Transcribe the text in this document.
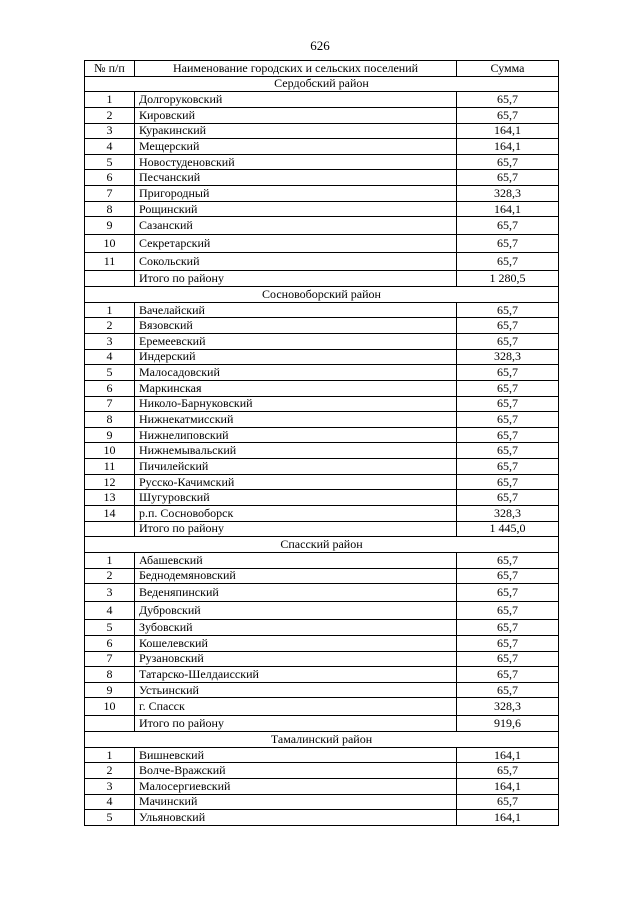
626
№ п/п	Наименование городских и сельских поселений	Сумма
Сердобский район		
1	Долгоруковский	65,7
2	Кировский	65,7
3	Куракинский	164,1
4	Мещерский	164,1
5	Новостуденовский	65,7
6	Песчанский	65,7
7	Пригородный	328,3
8	Рощинский	164,1
9	Сазанский	65,7
10	Секретарский	65,7
11	Сокольский	65,7
	Итого по району	1 280,5
Сосновоборский район		
1	Вачелайский	65,7
2	Вязовский	65,7
3	Еремеевский	65,7
4	Индерский	328,3
5	Малосадовский	65,7
6	Маркинская	65,7
7	Николо-Барнуковский	65,7
8	Нижнекатмисский	65,7
9	Нижнелиповский	65,7
10	Нижнемывальский	65,7
11	Пичилейский	65,7
12	Русско-Качимский	65,7
13	Шугуровский	65,7
14	р.п. Сосновоборск	328,3
	Итого по району	1 445,0
Спасский район		
1	Абашевский	65,7
2	Беднодемяновский	65,7
3	Веденяпинский	65,7
4	Дубровский	65,7
5	Зубовский	65,7
6	Кошелевский	65,7
7	Рузановский	65,7
8	Татарско-Шелдаисский	65,7
9	Устьинский	65,7
10	г. Спасск	328,3
	Итого по району	919,6
Тамалинский район		
1	Вишневский	164,1
2	Волче-Вражский	65,7
3	Малосергиевский	164,1
4	Мачинский	65,7
5	Ульяновский	164,1
